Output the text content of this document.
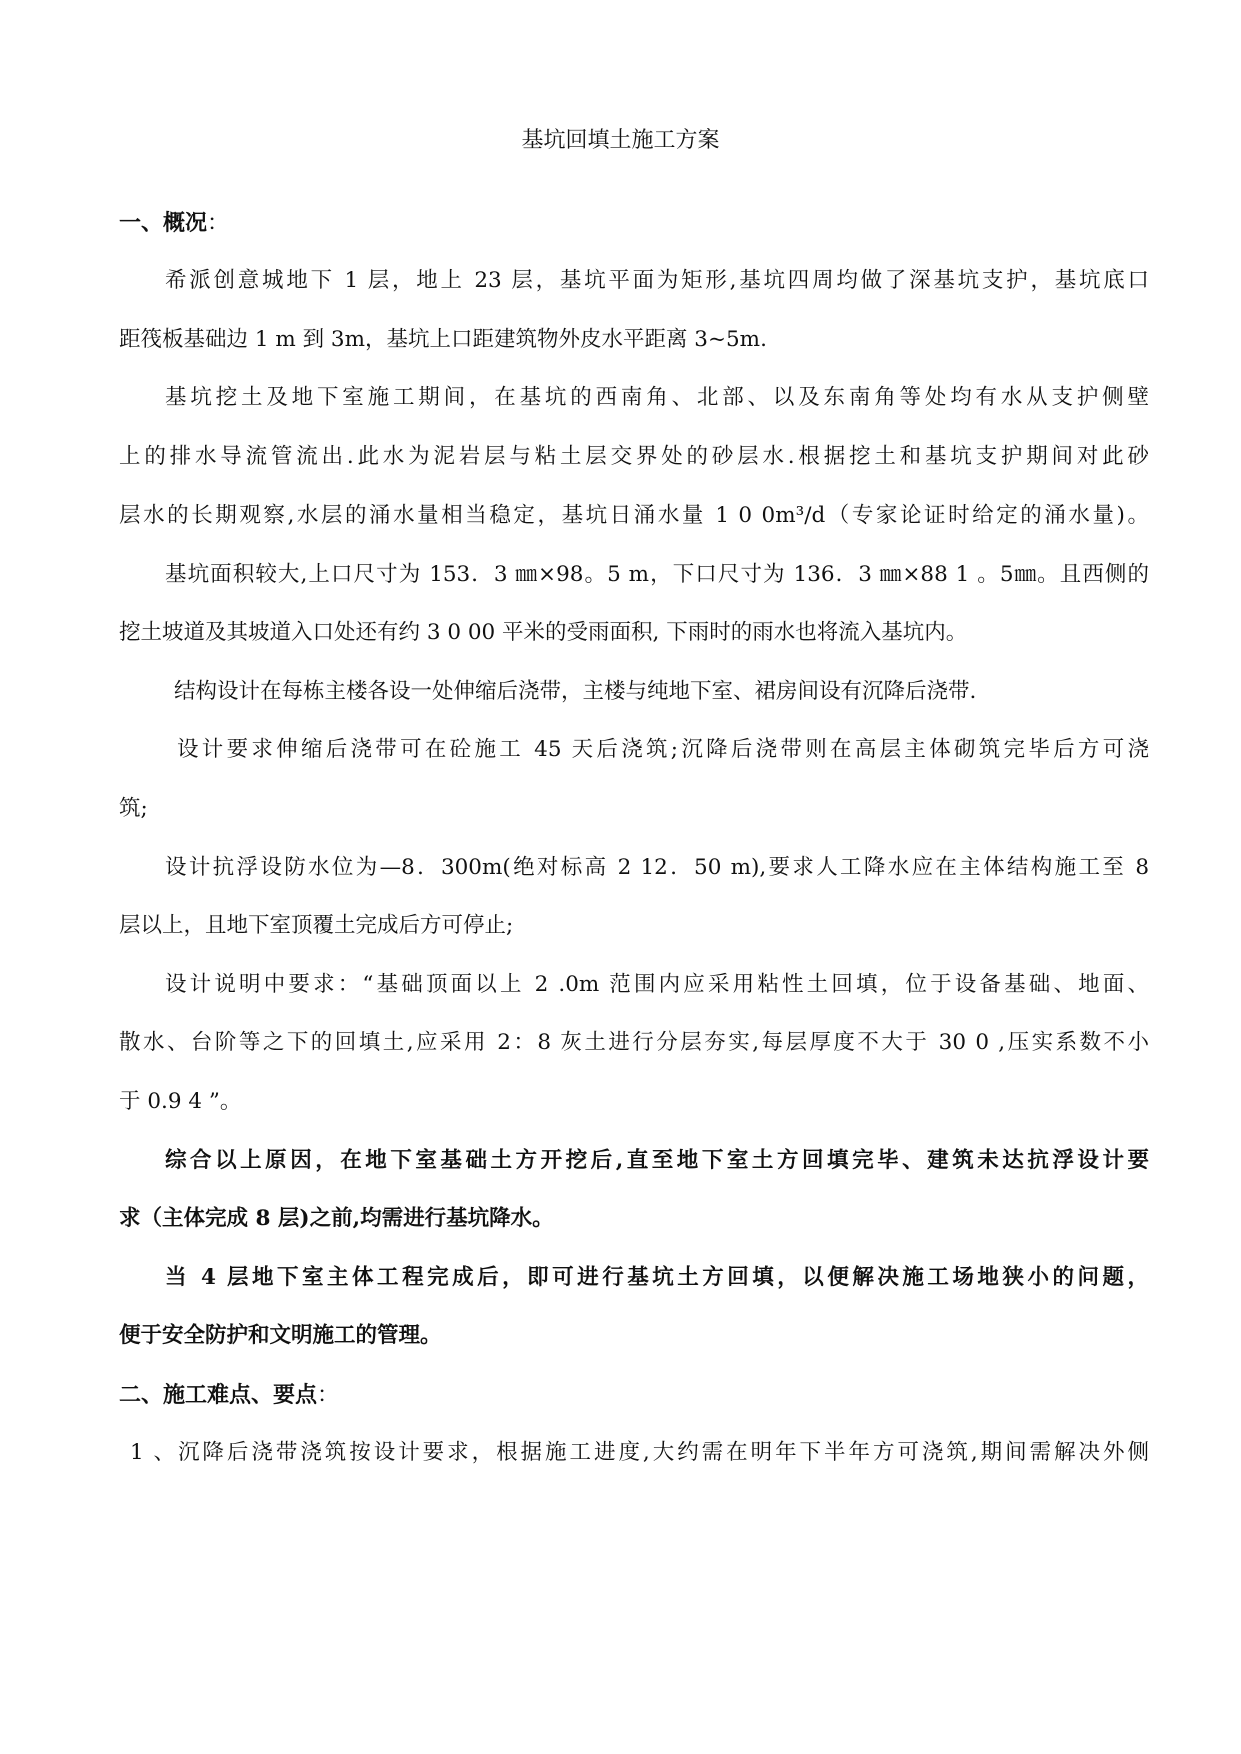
基坑回填土施工方案
一、概况：
希派创意城地下 1 层，地上 23 层，基坑平面为矩形,基坑四周均做了深基坑支护，基坑底口
距筏板基础边 1 m 到 3m，基坑上口距建筑物外皮水平距离 3~5m.
基坑挖土及地下室施工期间，在基坑的西南角、北部、以及东南角等处均有水从支护侧壁
上的排水导流管流出.此水为泥岩层与粘土层交界处的砂层水.根据挖土和基坑支护期间对此砂
层水的长期观察,水层的涌水量相当稳定，基坑日涌水量 1 0 0m³/d（专家论证时给定的涌水量)。
基坑面积较大,上口尺寸为 153．3 ㎜×98。5 m，下口尺寸为 136．3 ㎜×88 1 。5㎜。且西侧的
挖土坡道及其坡道入口处还有约 3 0 00 平米的受雨面积, 下雨时的雨水也将流入基坑内。
结构设计在每栋主楼各设一处伸缩后浇带，主楼与纯地下室、裙房间设有沉降后浇带.
设计要求伸缩后浇带可在砼施工 45 天后浇筑;沉降后浇带则在高层主体砌筑完毕后方可浇
筑;
设计抗浮设防水位为—8．300m(绝对标高 2 12．50 m),要求人工降水应在主体结构施工至 8
层以上，且地下室顶覆土完成后方可停止;
设计说明中要求：“基础顶面以上 2 .0m 范围内应采用粘性土回填，位于设备基础、地面、
散水、台阶等之下的回填土,应采用 2：8 灰土进行分层夯实,每层厚度不大于 30 0 ,压实系数不小
于 0.9 4 ”。
综合以上原因，在地下室基础土方开挖后,直至地下室土方回填完毕、建筑未达抗浮设计要
求（主体完成 8 层)之前,均需进行基坑降水。
当 4 层地下室主体工程完成后，即可进行基坑土方回填，以便解决施工场地狭小的问题，
便于安全防护和文明施工的管理。
二、施工难点、要点：
1 、沉降后浇带浇筑按设计要求，根据施工进度,大约需在明年下半年方可浇筑,期间需解决外侧
